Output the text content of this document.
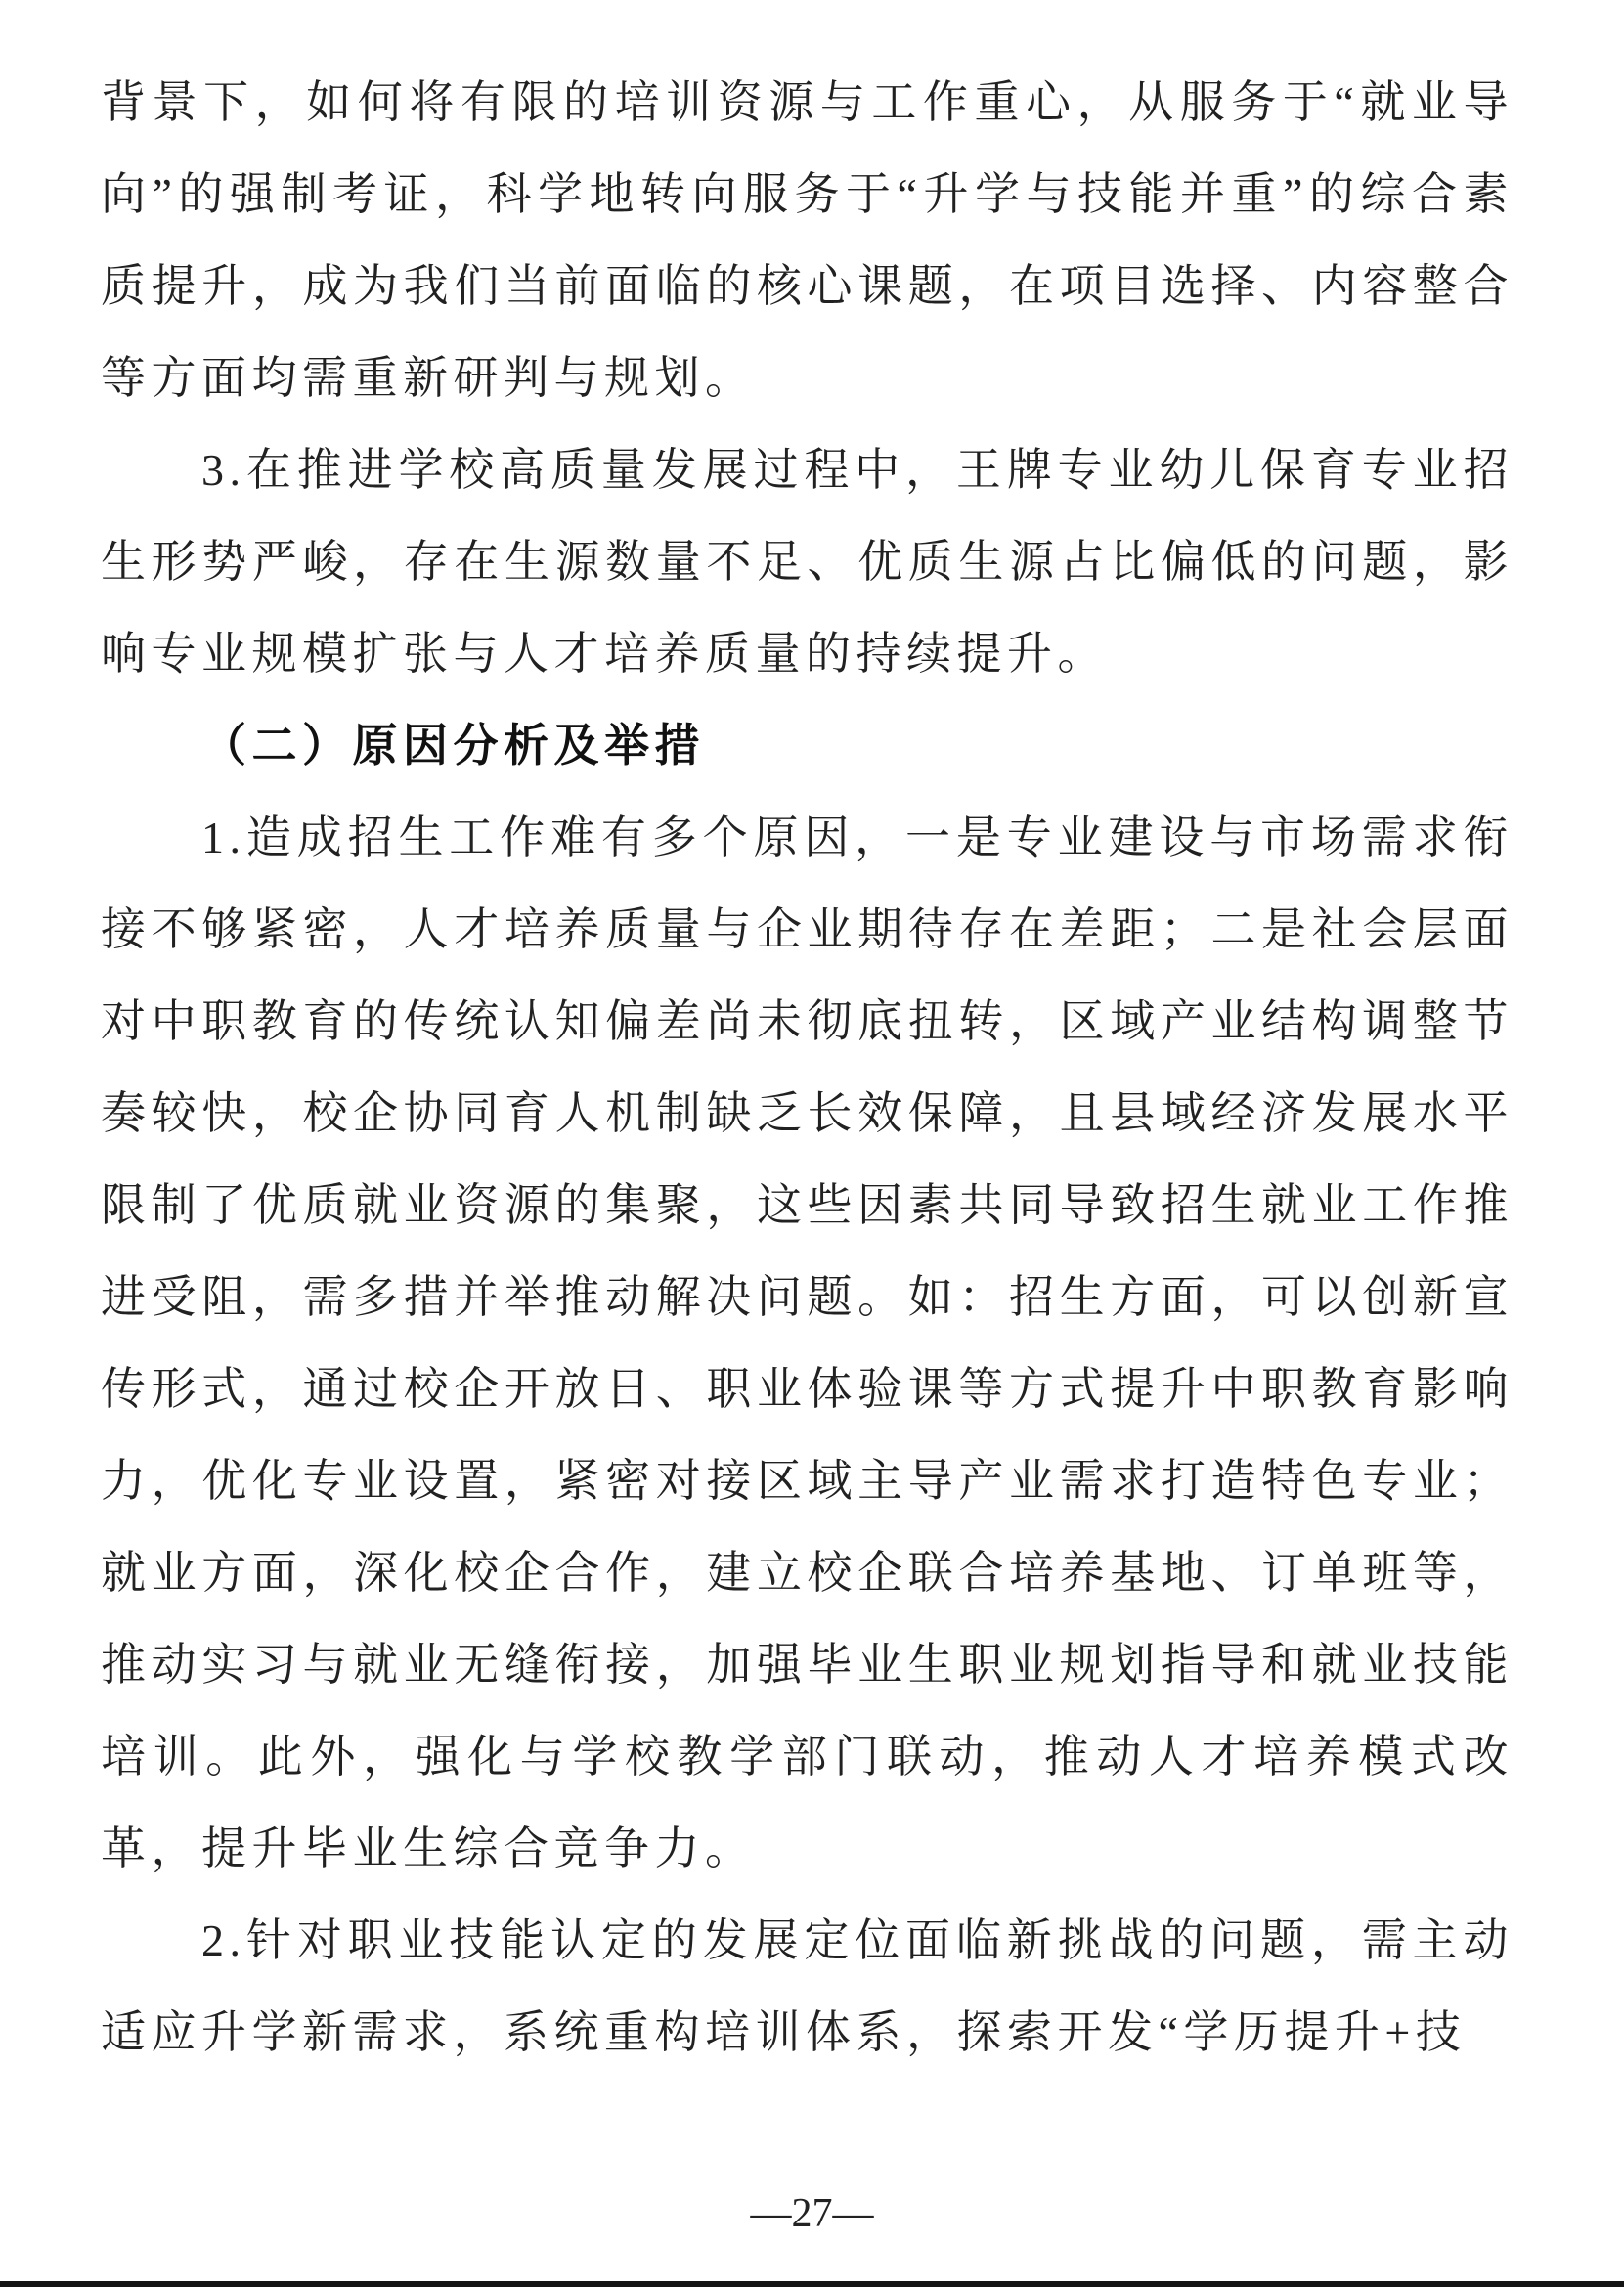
背景下，如何将有限的培训资源与工作重心，从服务于“就业导向”的强制考证，科学地转向服务于“升学与技能并重”的综合素质提升，成为我们当前面临的核心课题，在项目选择、内容整合等方面均需重新研判与规划。

3.在推进学校高质量发展过程中，王牌专业幼儿保育专业招生形势严峻，存在生源数量不足、优质生源占比偏低的问题，影响专业规模扩张与人才培养质量的持续提升。

（二）原因分析及举措

1.造成招生工作难有多个原因，一是专业建设与市场需求衔接不够紧密，人才培养质量与企业期待存在差距；二是社会层面对中职教育的传统认知偏差尚未彻底扭转，区域产业结构调整节奏较快，校企协同育人机制缺乏长效保障，且县域经济发展水平限制了优质就业资源的集聚，这些因素共同导致招生就业工作推进受阻，需多措并举推动解决问题。如：招生方面，可以创新宣传形式，通过校企开放日、职业体验课等方式提升中职教育影响力，优化专业设置，紧密对接区域主导产业需求打造特色专业；就业方面，深化校企合作，建立校企联合培养基地、订单班等，推动实习与就业无缝衔接，加强毕业生职业规划指导和就业技能培训。此外，强化与学校教学部门联动，推动人才培养模式改革，提升毕业生综合竞争力。

2.针对职业技能认定的发展定位面临新挑战的问题，需主动适应升学新需求，系统重构培训体系，探索开发“学历提升+技

—27—
